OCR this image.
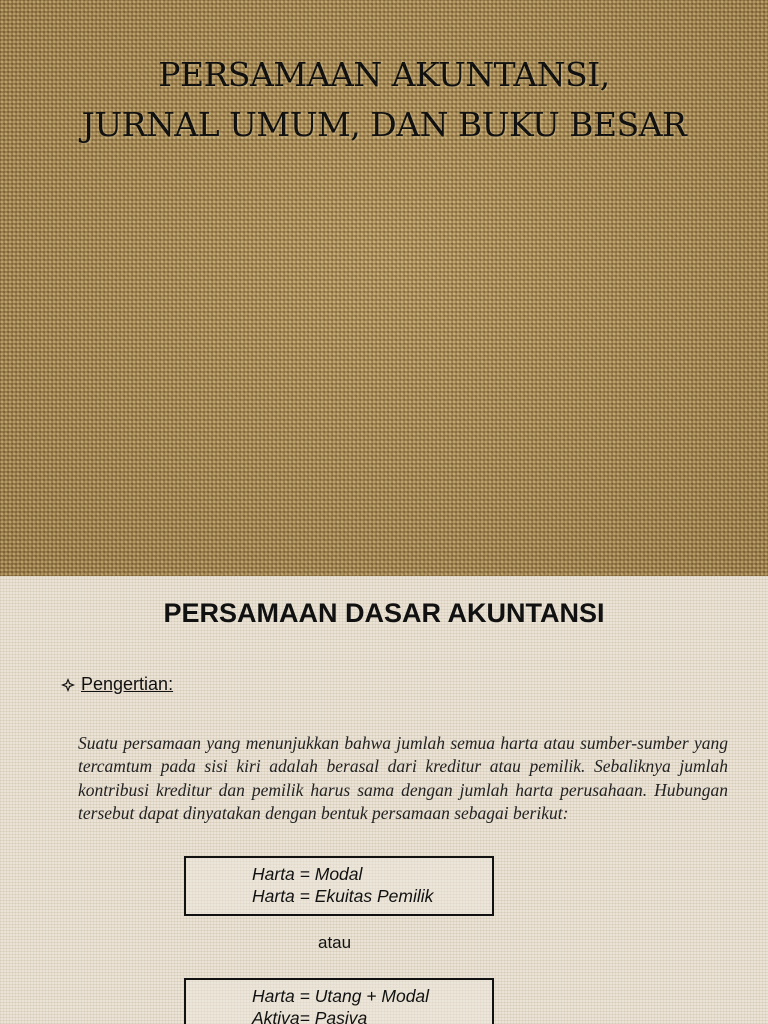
PERSAMAAN AKUNTANSI,
JURNAL UMUM, DAN BUKU BESAR
PERSAMAAN DASAR AKUNTANSI
Pengertian:

Suatu persamaan yang menunjukkan bahwa jumlah semua harta atau sumber-sumber yang tercamtum pada sisi kiri adalah berasal dari kreditur atau pemilik. Sebaliknya jumlah kontribusi kreditur dan pemilik harus sama dengan jumlah harta perusahaan. Hubungan tersebut dapat dinyatakan dengan bentuk persamaan sebagai berikut:

Harta = Modal
Harta = Ekuitas Pemilik
atau
Harta = Utang + Modal
Aktiva= Pasiva
